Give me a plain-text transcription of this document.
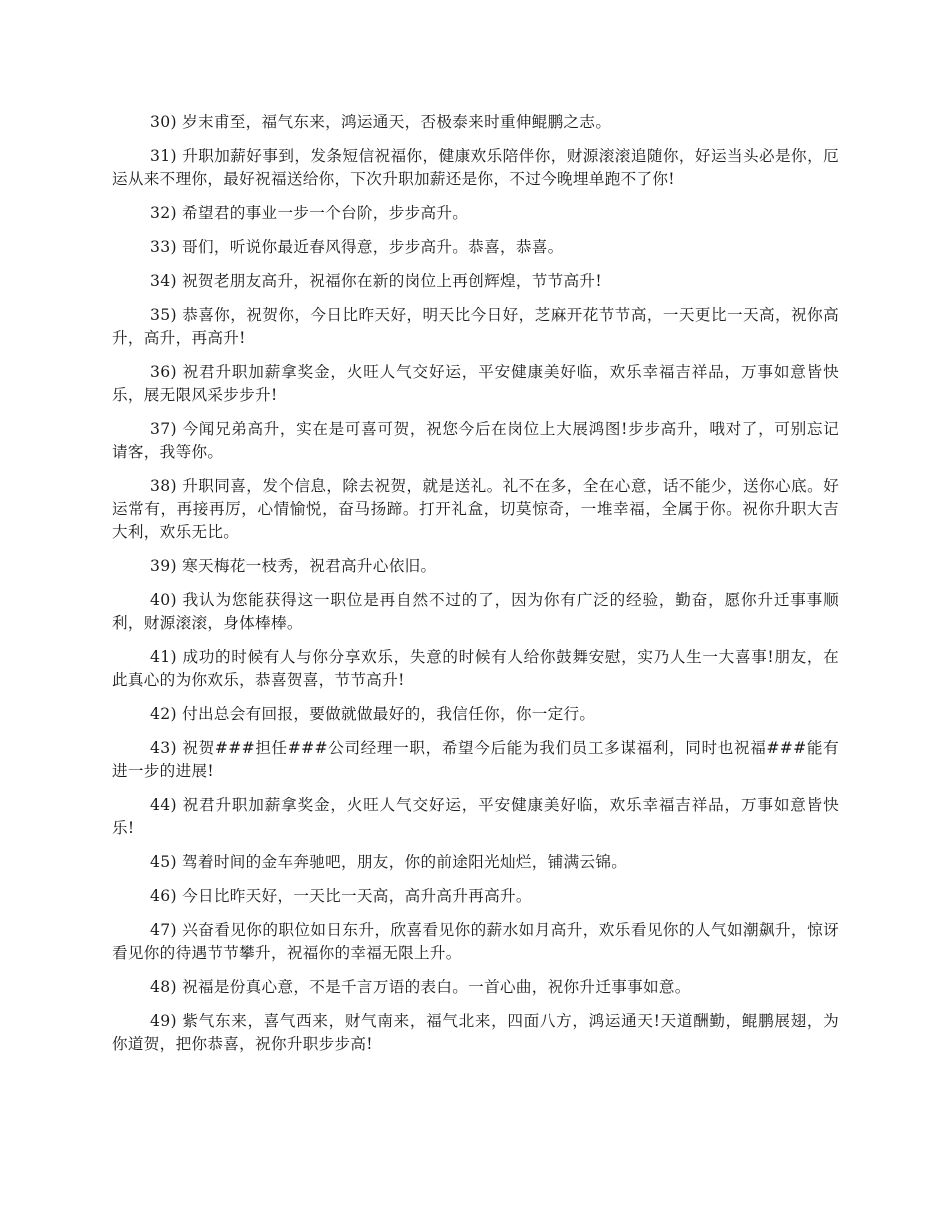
30) 岁末甫至，福气东来，鸿运通天，否极泰来时重伸鲲鹏之志。

31) 升职加薪好事到，发条短信祝福你，健康欢乐陪伴你，财源滚滚追随你，好运当头必是你，厄运从来不理你，最好祝福送给你，下次升职加薪还是你，不过今晚埋单跑不了你!

32) 希望君的事业一步一个台阶，步步高升。

33) 哥们，听说你最近春风得意，步步高升。恭喜，恭喜。

34) 祝贺老朋友高升，祝福你在新的岗位上再创辉煌，节节高升!

35) 恭喜你，祝贺你，今日比昨天好，明天比今日好，芝麻开花节节高，一天更比一天高，祝你高升，高升，再高升!

36) 祝君升职加薪拿奖金，火旺人气交好运，平安健康美好临，欢乐幸福吉祥品，万事如意皆快乐，展无限风采步步升!

37) 今闻兄弟高升，实在是可喜可贺，祝您今后在岗位上大展鸿图!步步高升，哦对了，可别忘记请客，我等你。

38) 升职同喜，发个信息，除去祝贺，就是送礼。礼不在多，全在心意，话不能少，送你心底。好运常有，再接再厉，心情愉悦，奋马扬蹄。打开礼盒，切莫惊奇，一堆幸福，全属于你。祝你升职大吉大利，欢乐无比。

39) 寒天梅花一枝秀，祝君高升心依旧。

40) 我认为您能获得这一职位是再自然不过的了，因为你有广泛的经验，勤奋，愿你升迁事事顺利，财源滚滚，身体棒棒。

41) 成功的时候有人与你分享欢乐，失意的时候有人给你鼓舞安慰，实乃人生一大喜事!朋友，在此真心的为你欢乐，恭喜贺喜，节节高升!

42) 付出总会有回报，要做就做最好的，我信任你，你一定行。

43) 祝贺###担任###公司经理一职，希望今后能为我们员工多谋福利，同时也祝福###能有进一步的进展!

44) 祝君升职加薪拿奖金，火旺人气交好运，平安健康美好临，欢乐幸福吉祥品，万事如意皆快乐!

45) 驾着时间的金车奔驰吧，朋友，你的前途阳光灿烂，铺满云锦。

46) 今日比昨天好，一天比一天高，高升高升再高升。

47) 兴奋看见你的职位如日东升，欣喜看见你的薪水如月高升，欢乐看见你的人气如潮飙升，惊讶看见你的待遇节节攀升，祝福你的幸福无限上升。

48) 祝福是份真心意，不是千言万语的表白。一首心曲，祝你升迁事事如意。

49) 紫气东来，喜气西来，财气南来，福气北来，四面八方，鸿运通天!天道酬勤，鲲鹏展翅，为你道贺，把你恭喜，祝你升职步步高!
